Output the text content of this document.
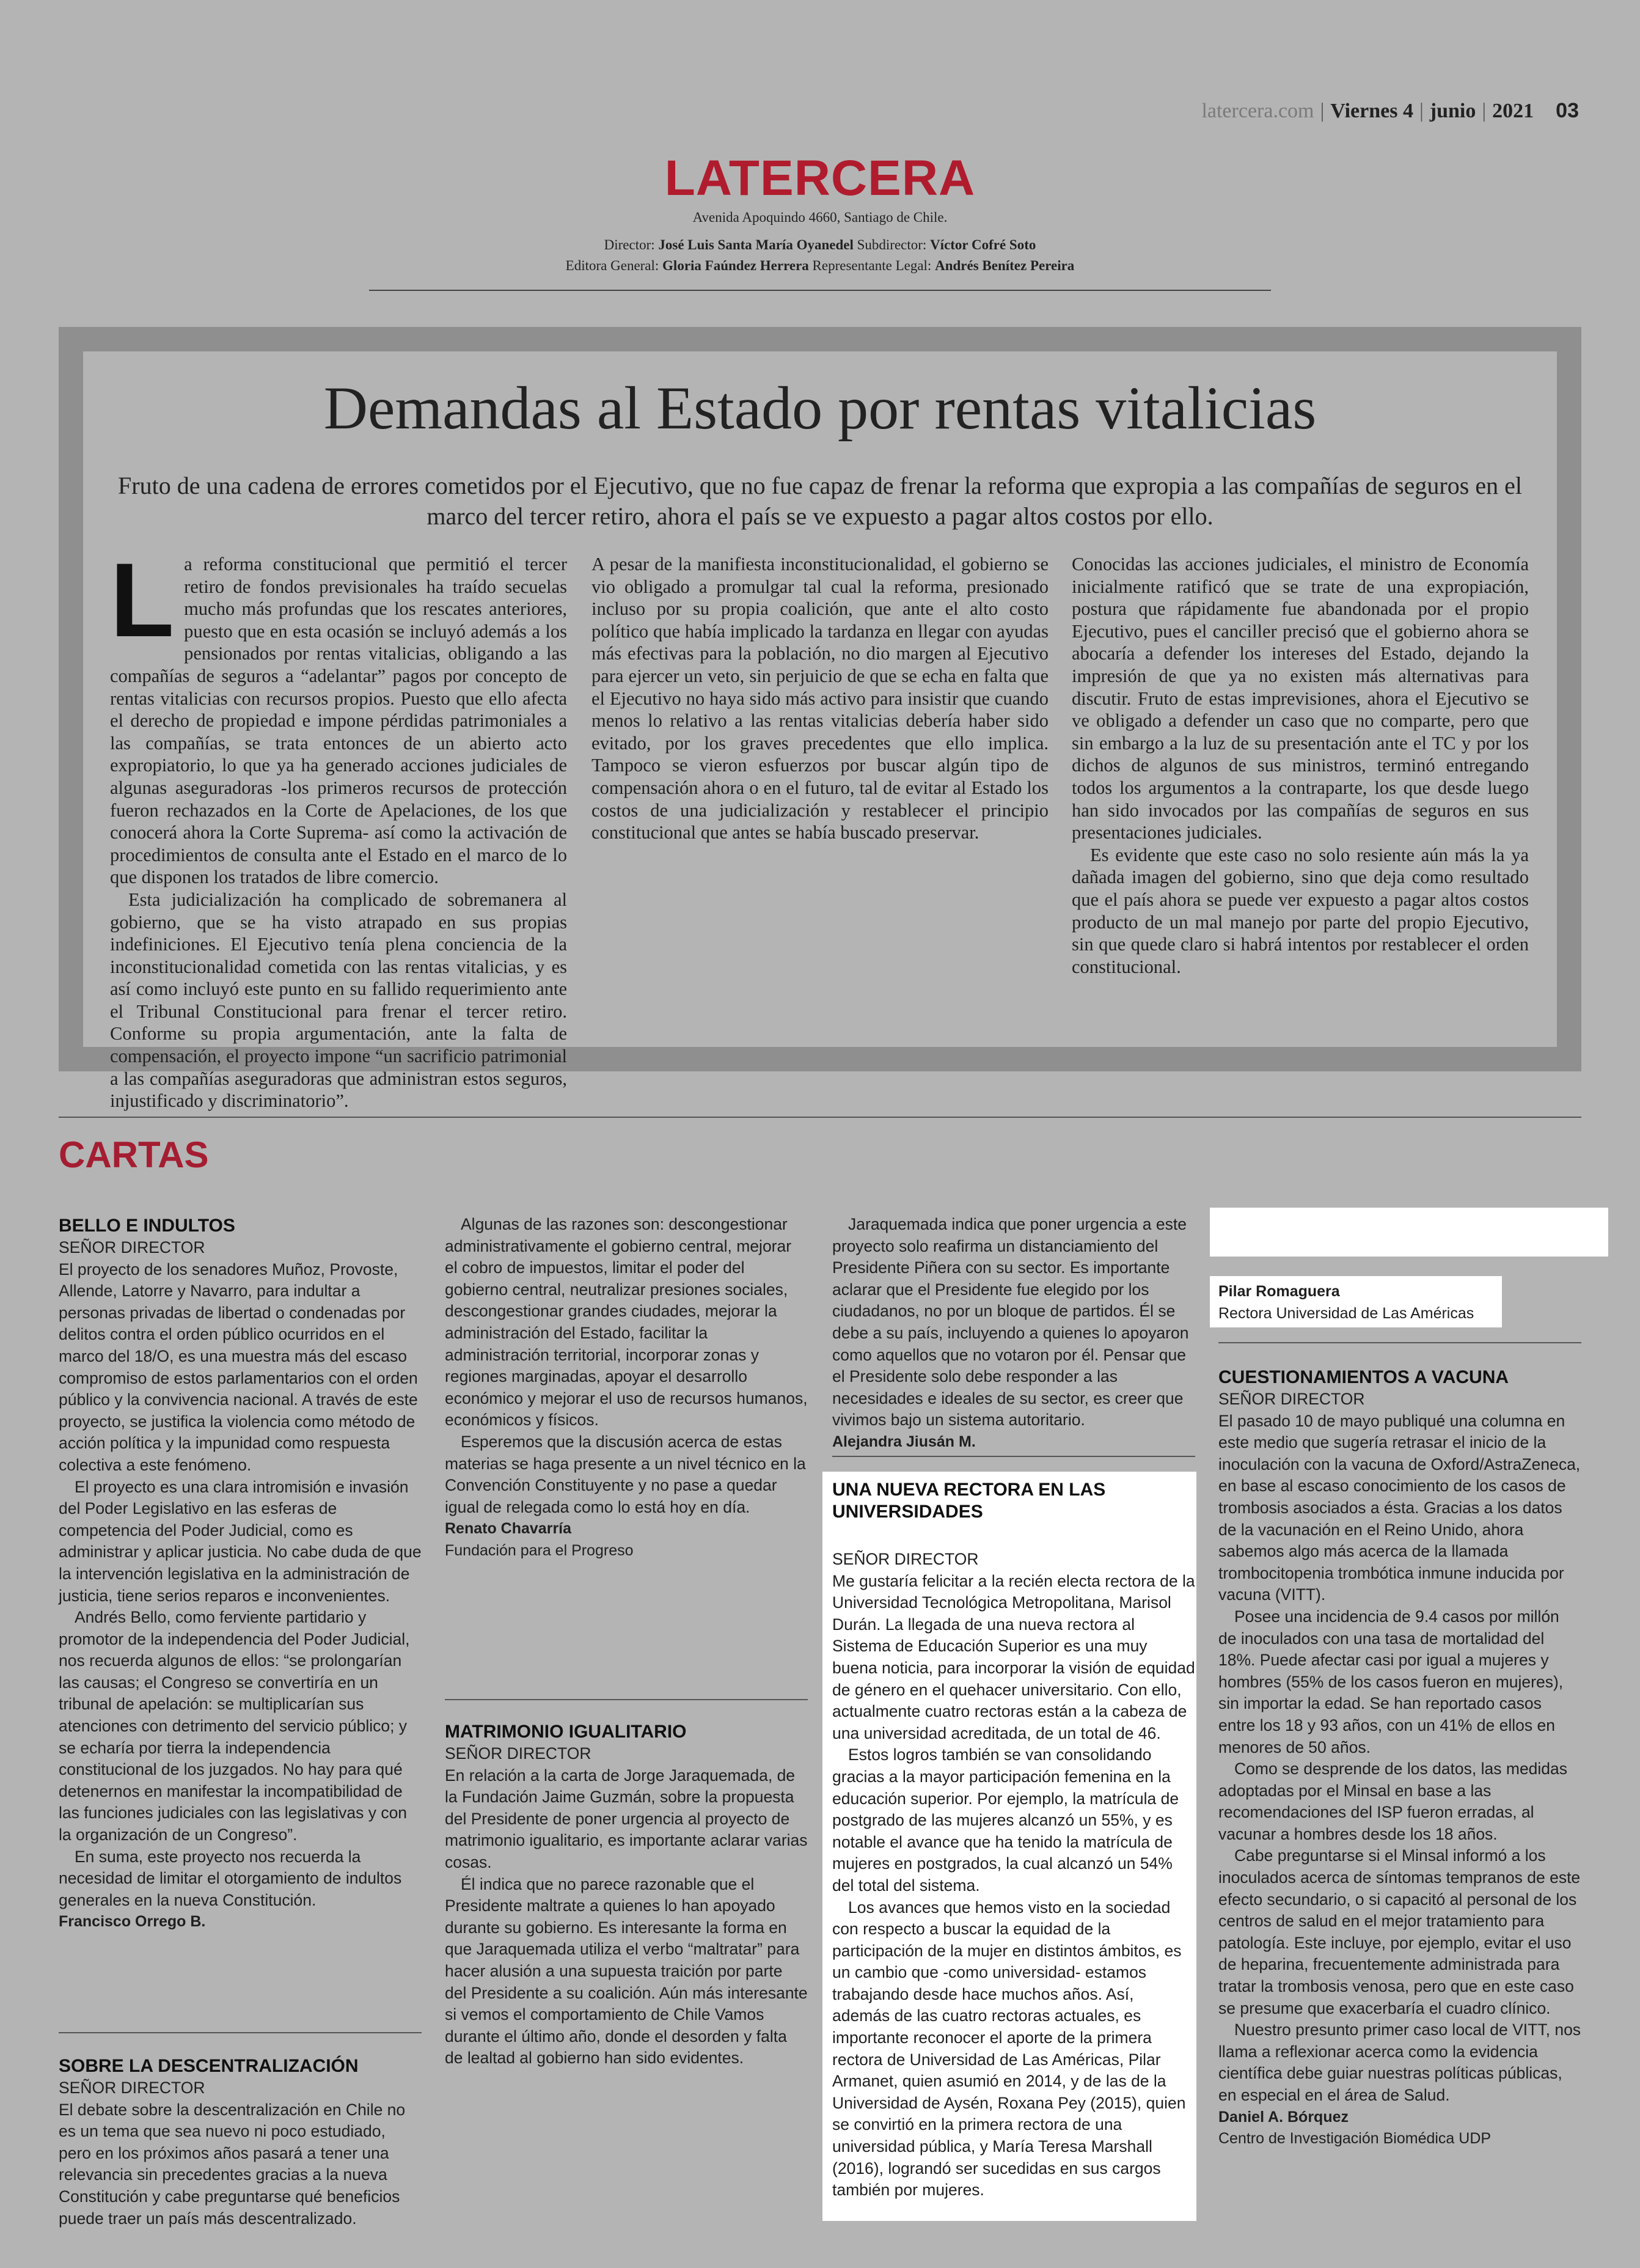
latercera.com | Viernes 4 | junio | 2021 03
LATERCERA
Avenida Apoquindo 4660, Santiago de Chile.
Director: José Luis Santa María Oyanedel Subdirector: Víctor Cofré Soto
Editora General: Gloria Faúndez Herrera Representante Legal: Andrés Benítez Pereira
Demandas al Estado por rentas vitalicias
Fruto de una cadena de errores cometidos por el Ejecutivo, que no fue capaz de frenar la reforma que expropia a las compañías de seguros en el marco del tercer retiro, ahora el país se ve expuesto a pagar altos costos por ello.

La reforma constitucional que permitió el tercer retiro de fondos previsionales ha traído secuelas mucho más profundas que los rescates anteriores, puesto que en esta ocasión se incluyó además a los pensionados por rentas vitalicias, obligando a las compañías de seguros a “adelantar” pagos por concepto de rentas vitalicias con recursos propios. Puesto que ello afecta el derecho de propiedad e impone pérdidas patrimoniales a las compañías, se trata entonces de un abierto acto expropiatorio, lo que ya ha generado acciones judiciales de algunas aseguradoras -los primeros recursos de protección fueron rechazados en la Corte de Apelaciones, de los que conocerá ahora la Corte Suprema- así como la activación de procedimientos de consulta ante el Estado en el marco de lo que disponen los tratados de libre comercio.

Esta judicialización ha complicado de sobremanera al gobierno, que se ha visto atrapado en sus propias indefiniciones. El Ejecutivo tenía plena conciencia de la inconstitucionalidad cometida con las rentas vitalicias, y es así como incluyó este punto en su fallido requerimiento ante el Tribunal Constitucional para frenar el tercer retiro. Conforme su propia argumentación, ante la falta de compensación, el proyecto impone “un sacrificio patrimonial a las compañías aseguradoras que administran estos seguros, injustificado y discriminatorio”.

A pesar de la manifiesta inconstitucionalidad, el gobierno se vio obligado a promulgar tal cual la reforma, presionado incluso por su propia coalición, que ante el alto costo político que había implicado la tardanza en llegar con ayudas más efectivas para la población, no dio margen al Ejecutivo para ejercer un veto, sin perjuicio de que se echa en falta que el Ejecutivo no haya sido más activo para insistir que cuando menos lo relativo a las rentas vitalicias debería haber sido evitado, por los graves precedentes que ello implica. Tampoco se vieron esfuerzos por buscar algún tipo de compensación ahora o en el futuro, tal de evitar al Estado los costos de una judicialización y restablecer el principio constitucional que antes se había buscado preservar.

Conocidas las acciones judiciales, el ministro de Economía inicialmente ratificó que se trate de una expropiación, postura que rápidamente fue abandonada por el propio Ejecutivo, pues el canciller precisó que el gobierno ahora se abocaría a defender los intereses del Estado, dejando la impresión de que ya no existen más alternativas para discutir. Fruto de estas imprevisiones, ahora el Ejecutivo se ve obligado a defender un caso que no comparte, pero que sin embargo a la luz de su presentación ante el TC y por los dichos de algunos de sus ministros, terminó entregando todos los argumentos a la contraparte, los que desde luego han sido invocados por las compañías de seguros en sus presentaciones judiciales.

Es evidente que este caso no solo resiente aún más la ya dañada imagen del gobierno, sino que deja como resultado que el país ahora se puede ver expuesto a pagar altos costos producto de un mal manejo por parte del propio Ejecutivo, sin que quede claro si habrá intentos por restablecer el orden constitucional.

CARTAS

BELLO E INDULTOS

SEÑOR DIRECTOR

El proyecto de los senadores Muñoz, Provoste, Allende, Latorre y Navarro, para indultar a personas privadas de libertad o condenadas por delitos contra el orden público ocurridos en el marco del 18/O, es una muestra más del escaso compromiso de estos parlamentarios con el orden público y la convivencia nacional. A través de este proyecto, se justifica la violencia como método de acción política y la impunidad como respuesta colectiva a este fenómeno.

El proyecto es una clara intromisión e invasión del Poder Legislativo en las esferas de competencia del Poder Judicial, como es administrar y aplicar justicia. No cabe duda de que la intervención legislativa en la administración de justicia, tiene serios reparos e inconvenientes.

Andrés Bello, como ferviente partidario y promotor de la independencia del Poder Judicial, nos recuerda algunos de ellos: “se prolongarían las causas; el Congreso se convertiría en un tribunal de apelación: se multiplicarían sus atenciones con detrimento del servicio público; y se echaría por tierra la independencia constitucional de los juzgados. No hay para qué detenernos en manifestar la incompatibilidad de las funciones judiciales con las legislativas y con la organización de un Congreso”.

En suma, este proyecto nos recuerda la necesidad de limitar el otorgamiento de indultos generales en la nueva Constitución.

Francisco Orrego B.

SOBRE LA DESCENTRALIZACIÓN

SEÑOR DIRECTOR

El debate sobre la descentralización en Chile no es un tema que sea nuevo ni poco estudiado, pero en los próximos años pasará a tener una relevancia sin precedentes gracias a la nueva Constitución y cabe preguntarse qué beneficios puede traer un país más descentralizado.

Algunas de las razones son: descongestionar administrativamente el gobierno central, mejorar el cobro de impuestos, limitar el poder del gobierno central, neutralizar presiones sociales, descongestionar grandes ciudades, mejorar la administración del Estado, facilitar la administración territorial, incorporar zonas y regiones marginadas, apoyar el desarrollo económico y mejorar el uso de recursos humanos, económicos y físicos.

Esperemos que la discusión acerca de estas materias se haga presente a un nivel técnico en la Convención Constituyente y no pase a quedar igual de relegada como lo está hoy en día.

Renato Chavarría

Fundación para el Progreso

MATRIMONIO IGUALITARIO

SEÑOR DIRECTOR

En relación a la carta de Jorge Jaraquemada, de la Fundación Jaime Guzmán, sobre la propuesta del Presidente de poner urgencia al proyecto de matrimonio igualitario, es importante aclarar varias cosas.

Él indica que no parece razonable que el Presidente maltrate a quienes lo han apoyado durante su gobierno. Es interesante la forma en que Jaraquemada utiliza el verbo “maltratar” para hacer alusión a una supuesta traición por parte del Presidente a su coalición. Aún más interesante si vemos el comportamiento de Chile Vamos durante el último año, donde el desorden y falta de lealtad al gobierno han sido evidentes.

Jaraquemada indica que poner urgencia a este proyecto solo reafirma un distanciamiento del Presidente Piñera con su sector. Es importante aclarar que el Presidente fue elegido por los ciudadanos, no por un bloque de partidos. Él se debe a su país, incluyendo a quienes lo apoyaron como aquellos que no votaron por él. Pensar que el Presidente solo debe responder a las necesidades e ideales de su sector, es creer que vivimos bajo un sistema autoritario.

Alejandra Jiusán M.

UNA NUEVA RECTORA EN LAS UNIVERSIDADES

SEÑOR DIRECTOR

Me gustaría felicitar a la recién electa rectora de la Universidad Tecnológica Metropolitana, Marisol Durán. La llegada de una nueva rectora al Sistema de Educación Superior es una muy buena noticia, para incorporar la visión de equidad de género en el quehacer universitario. Con ello, actualmente cuatro rectoras están a la cabeza de una universidad acreditada, de un total de 46.

Estos logros también se van consolidando gracias a la mayor participación femenina en la educación superior. Por ejemplo, la matrícula de postgrado de las mujeres alcanzó un 55%, y es notable el avance que ha tenido la matrícula de mujeres en postgrados, la cual alcanzó un 54% del total del sistema.

Los avances que hemos visto en la sociedad con respecto a buscar la equidad de la participación de la mujer en distintos ámbitos, es un cambio que -como universidad- estamos trabajando desde hace muchos años. Así, además de las cuatro rectoras actuales, es importante reconocer el aporte de la primera rectora de Universidad de Las Américas, Pilar Armanet, quien asumió en 2014, y de las de la Universidad de Aysén, Roxana Pey (2015), quien se convirtió en la primera rectora de una universidad pública, y María Teresa Marshall (2016), lograndó ser sucedidas en sus cargos también por mujeres.

Pilar Romaguera

Rectora Universidad de Las Américas

CUESTIONAMIENTOS A VACUNA

SEÑOR DIRECTOR

El pasado 10 de mayo publiqué una columna en este medio que sugería retrasar el inicio de la inoculación con la vacuna de Oxford/AstraZeneca, en base al escaso conocimiento de los casos de trombosis asociados a ésta. Gracias a los datos de la vacunación en el Reino Unido, ahora sabemos algo más acerca de la llamada trombocitopenia trombótica inmune inducida por vacuna (VITT).

Posee una incidencia de 9.4 casos por millón de inoculados con una tasa de mortalidad del 18%. Puede afectar casi por igual a mujeres y hombres (55% de los casos fueron en mujeres), sin importar la edad. Se han reportado casos entre los 18 y 93 años, con un 41% de ellos en menores de 50 años.

Como se desprende de los datos, las medidas adoptadas por el Minsal en base a las recomendaciones del ISP fueron erradas, al vacunar a hombres desde los 18 años.

Cabe preguntarse si el Minsal informó a los inoculados acerca de síntomas tempranos de este efecto secundario, o si capacitó al personal de los centros de salud en el mejor tratamiento para patología. Este incluye, por ejemplo, evitar el uso de heparina, frecuentemente administrada para tratar la trombosis venosa, pero que en este caso se presume que exacerbaría el cuadro clínico.

Nuestro presunto primer caso local de VITT, nos llama a reflexionar acerca como la evidencia científica debe guiar nuestras políticas públicas, en especial en el área de Salud.

Daniel A. Bórquez

Centro de Investigación Biomédica UDP
